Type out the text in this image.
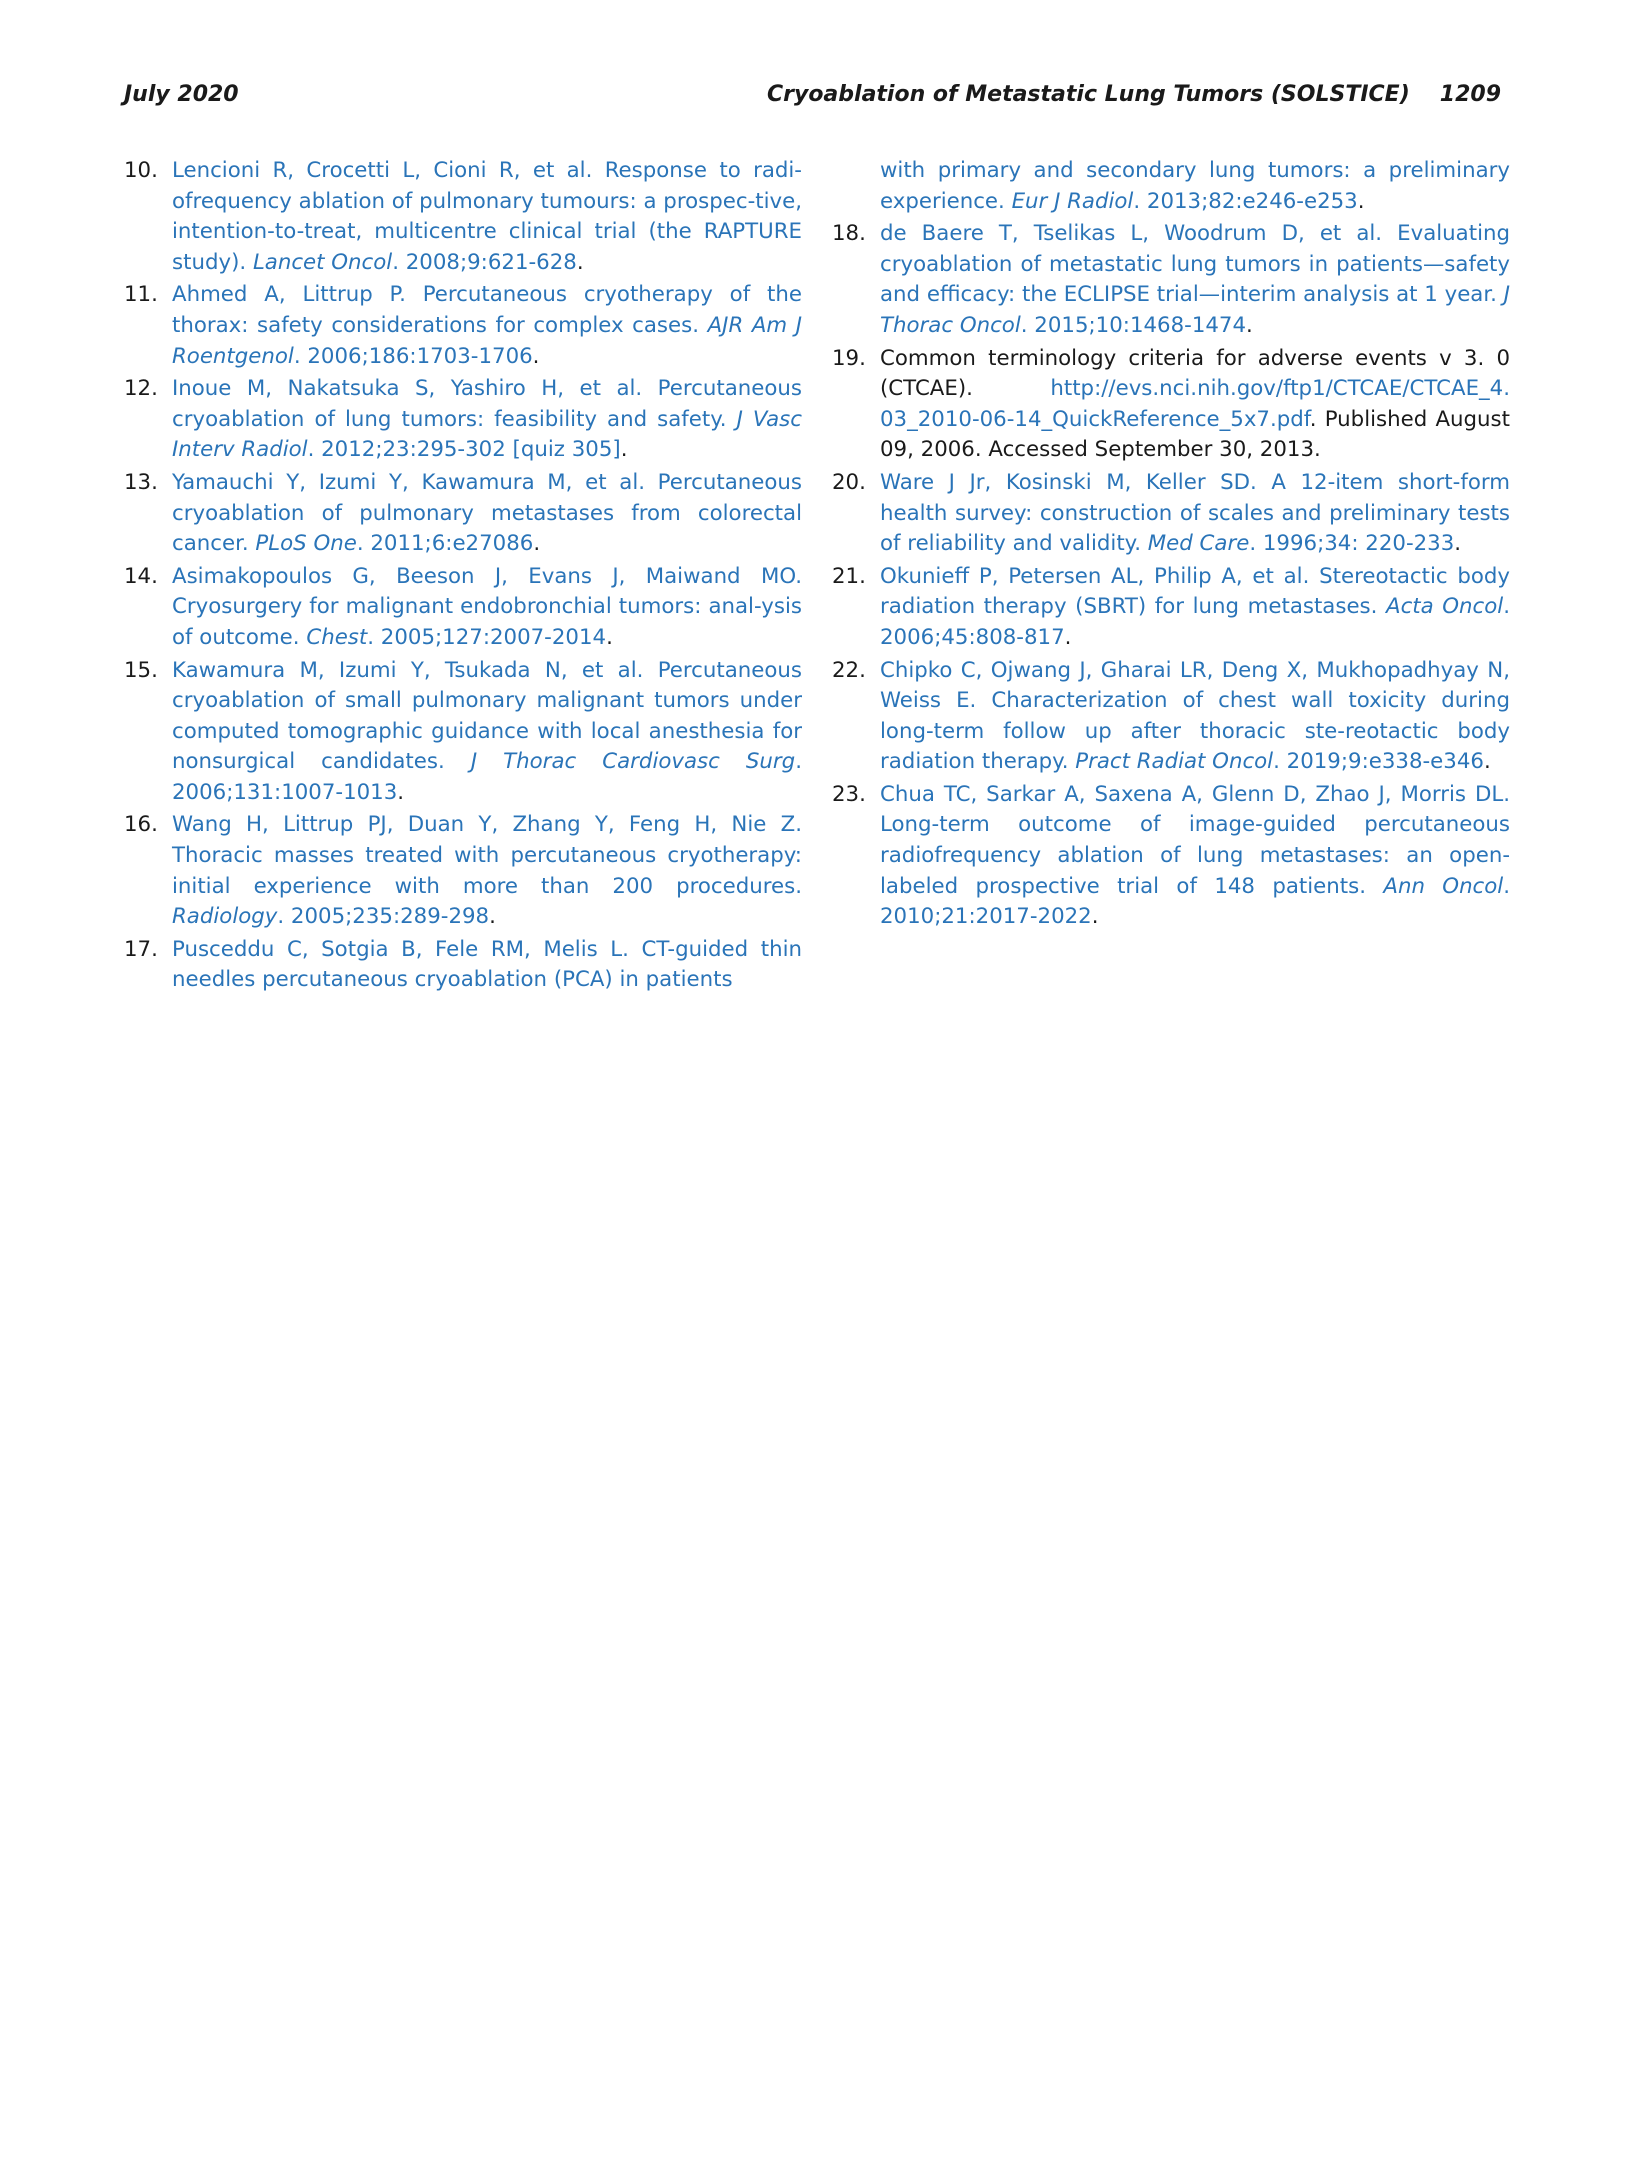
July 2020	Cryoablation of Metastatic Lung Tumors (SOLSTICE) 1209

10. Lencioni R, Crocetti L, Cioni R, et al. Response to radi-ofrequency ablation of pulmonary tumours: a prospec-tive, intention-to-treat, multicentre clinical trial (the RAPTURE study). Lancet Oncol. 2008;9:621-628.

11. Ahmed A, Littrup P. Percutaneous cryotherapy of the thorax: safety considerations for complex cases. AJR Am J Roentgenol. 2006;186:1703-1706.

12. Inoue M, Nakatsuka S, Yashiro H, et al. Percutaneous cryoablation of lung tumors: feasibility and safety. J Vasc Interv Radiol. 2012;23:295-302 [quiz 305].

13. Yamauchi Y, Izumi Y, Kawamura M, et al. Percutaneous cryoablation of pulmonary metastases from colorectal cancer. PLoS One. 2011;6:e27086.

14. Asimakopoulos G, Beeson J, Evans J, Maiwand MO. Cryosurgery for malignant endobronchial tumors: anal-ysis of outcome. Chest. 2005;127:2007-2014.

15. Kawamura M, Izumi Y, Tsukada N, et al. Percutaneous cryoablation of small pulmonary malignant tumors under computed tomographic guidance with local anesthesia for nonsurgical candidates. J Thorac Cardiovasc Surg. 2006;131:1007-1013.

16. Wang H, Littrup PJ, Duan Y, Zhang Y, Feng H, Nie Z. Thoracic masses treated with percutaneous cryotherapy: initial experience with more than 200 procedures. Radiology. 2005;235:289-298.

17. Pusceddu C, Sotgia B, Fele RM, Melis L. CT-guided thin needles percutaneous cryoablation (PCA) in patients

with primary and secondary lung tumors: a preliminary experience. Eur J Radiol. 2013;82:e246-e253.

18. de Baere T, Tselikas L, Woodrum D, et al. Evaluating cryoablation of metastatic lung tumors in patients—safety and efficacy: the ECLIPSE trial—interim analysis at 1 year. J Thorac Oncol. 2015;10:1468-1474.

19. Common terminology criteria for adverse events v 3. 0 (CTCAE).	http://evs.nci.nih.gov/ftp1/CTCAE/CTCAE_4. 03_2010-06-14_QuickReference_5x7.pdf. Published August 09, 2006. Accessed September 30, 2013.

20. Ware J Jr, Kosinski M, Keller SD. A 12-item short-form health survey: construction of scales and preliminary tests of reliability and validity. Med Care. 1996;34: 220-233.

21. Okunieff P, Petersen AL, Philip A, et al. Stereotactic body radiation therapy (SBRT) for lung metastases. Acta Oncol. 2006;45:808-817.

22. Chipko C, Ojwang J, Gharai LR, Deng X, Mukhopadhyay N, Weiss E. Characterization of chest wall toxicity during long-term follow up after thoracic ste-reotactic body radiation therapy. Pract Radiat Oncol. 2019;9:e338-e346.

23. Chua TC, Sarkar A, Saxena A, Glenn D, Zhao J, Morris DL. Long-term outcome of image-guided percutaneous radiofrequency ablation of lung metastases: an open-labeled prospective trial of 148 patients. Ann Oncol. 2010;21:2017-2022.
